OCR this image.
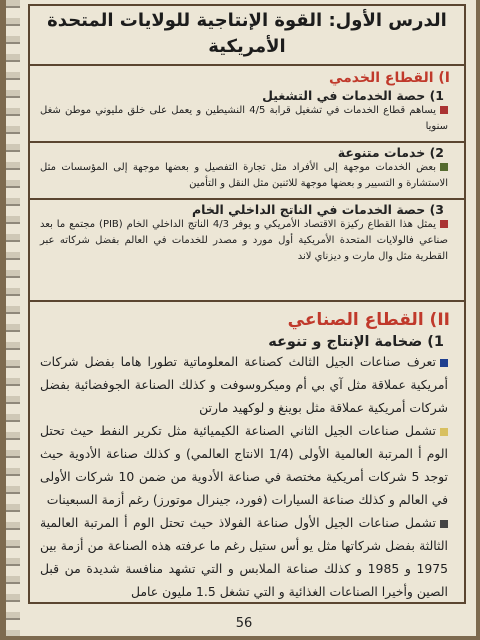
الدرس الأول: القوة الإنتاجية للولايات المتحدة
الأمريكية
I) القطاع الخدمي
1) حصة الخدمات في التشغيل
يساهم قطاع الخدمات في تشغيل قرابة 4/5 النشيطين و يعمل على خلق مليوني موطن شغل سنويا
2) خدمات متنوعة
بعض الخدمات موجهة إلى الأفراد مثل تجارة التفصيل و بعضها موجهة إلى المؤسسات مثل الاستشارة و التسيير و بعضها موجهة للاثنين مثل النقل و التأمين
3) حصة الخدمات في الناتج الداخلي الخام
يمثل هذا القطاع ركيزة الاقتصاد الأمريكي و يوفر 4/3 الناتج الداخلي الخام (PIB) مجتمع ما بعد صناعي فالولايات المتحدة الأمريكية أول مورد و مصدر للخدمات في العالم بفضل شركاته عبر القطرية مثل وال مارت و ديزناي لاند
II) القطاع الصناعي
1) ضخامة الإنتاج و تنوعه
تعرف صناعات الجيل الثالث كصناعة المعلوماتية تطورا هاما بفضل شركات أمريكية عملاقة مثل آي بي أم وميكروسوفت و كذلك الصناعة الجوفضائية بفضل شركات أمريكية عملاقة مثل بوينغ و لوكهيد مارتن
تشمل صناعات الجيل الثاني الصناعة الكيميائية مثل تكرير النفط حيث تحتل الوم أ المرتبة العالمية الأولى (1/4 الانتاج العالمي) و كذلك صناعة الأدوية حيث توجد 5 شركات أمريكية مختصة في صناعة الأدوية من ضمن 10 شركات الأولى في العالم و كذلك صناعة السيارات (فورد، جينرال موتورز) رغم أزمة السبعينات
تشمل صناعات الجيل الأول صناعة الفولاذ حيث تحتل الوم أ المرتبة العالمية الثالثة بفضل شركاتها مثل يو أس ستيل رغم ما عرفته هذه الصناعة من أزمة بين 1975 و 1985 و كذلك صناعة الملابس و التي تشهد منافسة شديدة من قبل الصين وأخيرا الصناعات الغذائية و التي تشغل 1.5 مليون عامل
56
